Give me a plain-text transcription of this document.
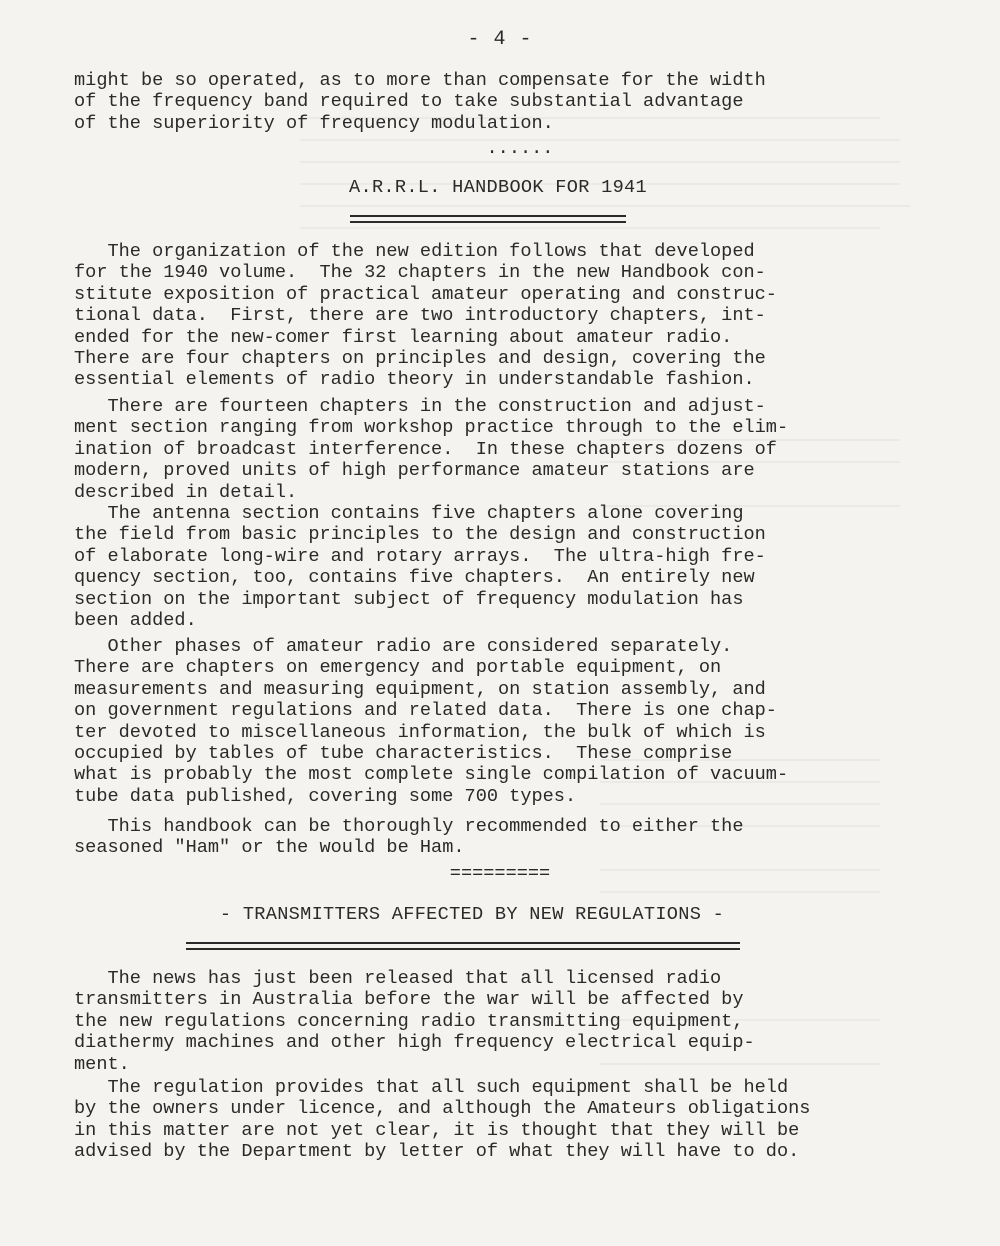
- 4 -
might be so operated, as to more than compensate for the width
of the frequency band required to take substantial advantage
of the superiority of frequency modulation.
......
A.R.R.L. HANDBOOK FOR 1941
The organization of the new edition follows that developed
for the 1940 volume.  The 32 chapters in the new Handbook con-
stitute exposition of practical amateur operating and construc-
tional data.  First, there are two introductory chapters, int-
ended for the new-comer first learning about amateur radio.
There are four chapters on principles and design, covering the
essential elements of radio theory in understandable fashion.
There are fourteen chapters in the construction and adjust-
ment section ranging from workshop practice through to the elim-
ination of broadcast interference.  In these chapters dozens of
modern, proved units of high performance amateur stations are
described in detail.
The antenna section contains five chapters alone covering
the field from basic principles to the design and construction
of elaborate long-wire and rotary arrays.  The ultra-high fre-
quency section, too, contains five chapters.  An entirely new
section on the important subject of frequency modulation has
been added.
Other phases of amateur radio are considered separately.
There are chapters on emergency and portable equipment, on
measurements and measuring equipment, on station assembly, and
on government regulations and related data.  There is one chap-
ter devoted to miscellaneous information, the bulk of which is
occupied by tables of tube characteristics.  These comprise
what is probably the most complete single compilation of vacuum-
tube data published, covering some 700 types.
This handbook can be thoroughly recommended to either the
seasoned "Ham" or the would be Ham.
=========
- TRANSMITTERS AFFECTED BY NEW REGULATIONS -
The news has just been released that all licensed radio
transmitters in Australia before the war will be affected by
the new regulations concerning radio transmitting equipment,
diathermy machines and other high frequency electrical equip-
ment.
The regulation provides that all such equipment shall be held
by the owners under licence, and although the Amateurs obligations
in this matter are not yet clear, it is thought that they will be
advised by the Department by letter of what they will have to do.
